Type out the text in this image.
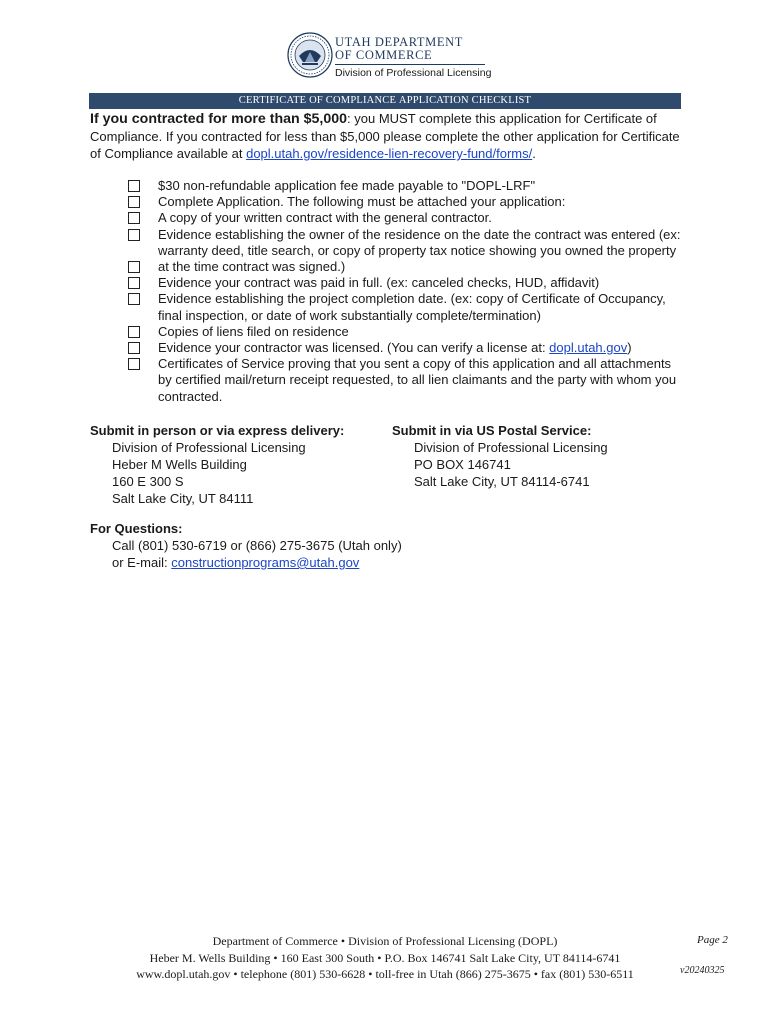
UTAH DEPARTMENT
OF COMMERCE
Division of Professional Licensing
CERTIFICATE OF COMPLIANCE APPLICATION CHECKLIST
If you contracted for more than $5,000: you MUST complete this application for Certificate of Compliance. If you contracted for less than $5,000 please complete the other application for Certificate of Compliance available at dopl.utah.gov/residence-lien-recovery-fund/forms/.
$30 non-refundable application fee made payable to "DOPL-LRF"
Complete Application. The following must be attached your application:
A copy of your written contract with the general contractor.
Evidence establishing the owner of the residence on the date the contract was entered (ex: warranty deed, title search, or copy of property tax notice showing you owned the property at the time contract was signed.)
Evidence your contract was paid in full. (ex: canceled checks, HUD, affidavit)
Evidence establishing the project completion date. (ex: copy of Certificate of Occupancy, final inspection, or date of work substantially complete/termination)
Copies of liens filed on residence
Evidence your contractor was licensed. (You can verify a license at: dopl.utah.gov)
Certificates of Service proving that you sent a copy of this application and all attachments by certified mail/return receipt requested, to all lien claimants and the party with whom you contracted.
Submit in person or via express delivery:
Division of Professional Licensing
Heber M Wells Building
160 E 300 S
Salt Lake City, UT 84111
Submit in via US Postal Service:
Division of Professional Licensing
PO BOX 146741
Salt Lake City, UT 84114-6741
For Questions:
Call (801) 530-6719 or (866) 275-3675 (Utah only)
or E-mail: constructionprograms@utah.gov
Department of Commerce • Division of Professional Licensing (DOPL)
Heber M. Wells Building • 160 East 300 South • P.O. Box 146741 Salt Lake City, UT 84114-6741
www.dopl.utah.gov • telephone (801) 530-6628 • toll-free in Utah (866) 275-3675 • fax (801) 530-6511
Page 2
v20240325
